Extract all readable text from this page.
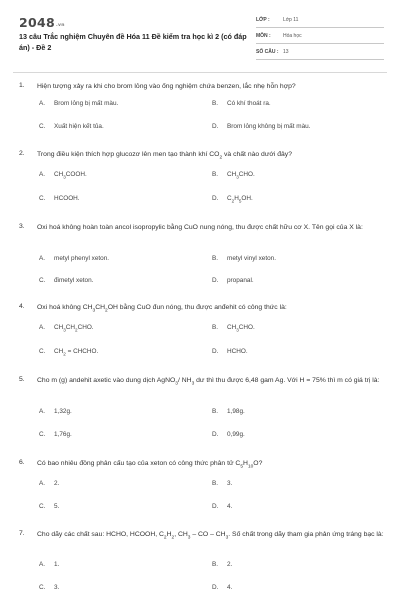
$2048^{.vn}$
13 câu Trắc nghiệm Chuyên đề Hóa 11 Đề kiểm tra học kì 2 (có đáp án) - Đề 2
LỚP :	Lớp 11
MÔN : Hóa học
SỐ CÂU : 13
1. Hiện tượng xảy ra khi cho brom lỏng vào ống nghiệm chứa benzen, lắc nhẹ hỗn hợp?
A. Brom lỏng bị mất màu.	B. Có khí thoát ra.
C. Xuất hiện kết tủa.	D. Brom lỏng không bị mất màu.
2. Trong điều kiện thích hợp glucozơ lên men tạo thành khí $CO_2$ và chất nào dưới đây?
A. $CH_3COOH$.	B. $CH_3CHO$.
C. HCOOH.	D. $C_2H_5OH$.
3. Oxi hoá không hoàn toàn ancol isopropylic bằng CuO nung nóng, thu được chất hữu cơ X. Tên gọi của X là:
A. metyl phenyl xeton.	B. metyl vinyl xeton.
C. đimetyl xeton.	D. propanal.
4. Oxi hoá không $CH_3CH_2OH$ bằng CuO đun nóng, thu được anđehit có công thức là:
A. $CH_3CH_2CHO$.	B. $CH_3CHO$.
C. $CH_2$ = CHCHO.	D. HCHO.
5. Cho m (g) andehit axetic vào dung dịch AgNO$_3$/ $NH_3$ dư thì thu được 6,48 gam Ag. Với H = 75% thì m có giá trị là:
A. 1,32g.	B. 1,98g.
C. 1,76g.	D. 0,99g.
6. Có bao nhiêu đồng phân cấu tạo của xeton có công thức phân tử $C_5H_{10}O$?
A. 2.	B. 3.
C. 5.	D. 4.
7. Cho dãy các chất sau: HCHO, HCOOH, $C_2H_2$, $CH_3$ – CO – $CH_3$. Số chất trong dãy tham gia phản ứng tráng bạc là:
A. 1.	B. 2.
C. 3.	D. 4.
